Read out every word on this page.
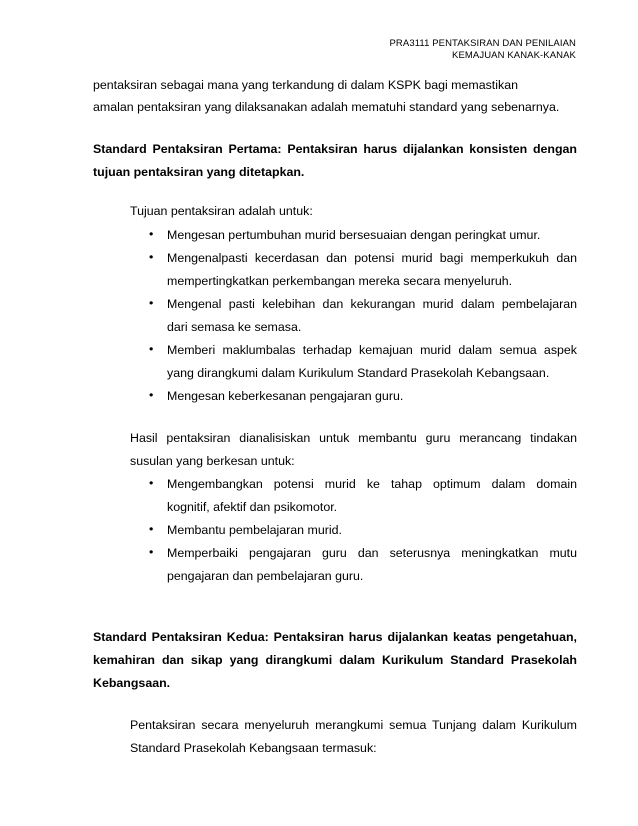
PRA3111 PENTAKSIRAN DAN PENILAIAN
KEMAJUAN KANAK-KANAK

pentaksiran sebagai mana yang terkandung di dalam KSPK bagi memastikan

amalan pentaksiran yang dilaksanakan adalah mematuhi standard yang sebenarnya.

Standard Pentaksiran Pertama: Pentaksiran harus dijalankan konsisten dengan

tujuan pentaksiran yang ditetapkan.

Tujuan pentaksiran adalah untuk:

• Mengesan pertumbuhan murid bersesuaian dengan peringkat umur.

• Mengenalpasti kecerdasan dan potensi murid bagi memperkukuh dan

mempertingkatkan perkembangan mereka secara menyeluruh.

• Mengenal pasti kelebihan dan kekurangan murid dalam pembelajaran

dari semasa ke semasa.

• Memberi maklumbalas terhadap kemajuan murid dalam semua aspek

yang dirangkumi dalam Kurikulum Standard Prasekolah Kebangsaan.

• Mengesan keberkesanan pengajaran guru.

Hasil pentaksiran dianalisiskan untuk membantu guru merancang tindakan

susulan yang berkesan untuk:

• Mengembangkan potensi murid ke tahap optimum dalam domain

kognitif, afektif dan psikomotor.

• Membantu pembelajaran murid.

• Memperbaiki pengajaran guru dan seterusnya meningkatkan mutu

pengajaran dan pembelajaran guru.

Standard Pentaksiran Kedua: Pentaksiran harus dijalankan keatas pengetahuan,

kemahiran dan sikap yang dirangkumi dalam Kurikulum Standard Prasekolah

Kebangsaan.

Pentaksiran secara menyeluruh merangkumi semua Tunjang dalam Kurikulum

Standard Prasekolah Kebangsaan termasuk:
